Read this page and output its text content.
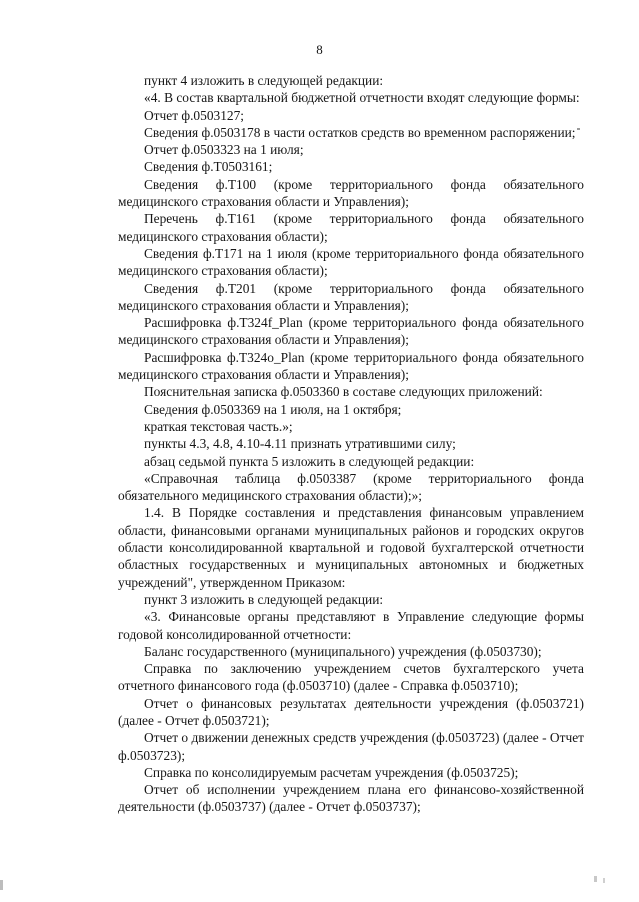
8

пункт 4 изложить в следующей редакции:

«4. В состав квартальной бюджетной отчетности входят следующие формы:

Отчет ф.0503127;

Сведения ф.0503178 в части остатков средств во временном распоряжении;

Отчет ф.0503323 на 1 июля;

Сведения ф.Т0503161;

Сведения ф.Т100 (кроме территориального фонда обязательного медицинского страхования области и Управления);

Перечень ф.Т161 (кроме территориального фонда обязательного медицинского страхования области);

Сведения ф.Т171 на 1 июля (кроме территориального фонда обязательного медицинского страхования области);

Сведения ф.Т201 (кроме территориального фонда обязательного медицинского страхования области и Управления);

Расшифровка ф.Т324f_Plan (кроме территориального фонда обязательного медицинского страхования области и Управления);

Расшифровка ф.Т324o_Plan (кроме территориального фонда обязательного медицинского страхования области и Управления);

Пояснительная записка ф.0503360 в составе следующих приложений:

Сведения ф.0503369 на 1 июля, на 1 октября;

краткая текстовая часть.»;

пункты 4.3, 4.8, 4.10-4.11 признать утратившими силу;

абзац седьмой пункта 5 изложить в следующей редакции:

«Справочная таблица ф.0503387 (кроме территориального фонда обязательного медицинского страхования области);»;

1.4. В Порядке составления и представления финансовым управлением области, финансовыми органами муниципальных районов и городских округов области консолидированной квартальной и годовой бухгалтерской отчетности областных государственных и муниципальных автономных и бюджетных учреждений", утвержденном Приказом:

пункт 3 изложить в следующей редакции:

«3. Финансовые органы представляют в Управление следующие формы годовой консолидированной отчетности:

Баланс государственного (муниципального) учреждения (ф.0503730);

Справка по заключению учреждением счетов бухгалтерского учета отчетного финансового года (ф.0503710) (далее - Справка ф.0503710);

Отчет о финансовых результатах деятельности учреждения (ф.0503721) (далее - Отчет ф.0503721);

Отчет о движении денежных средств учреждения (ф.0503723) (далее - Отчет ф.0503723);

Справка по консолидируемым расчетам учреждения (ф.0503725);

Отчет об исполнении учреждением плана его финансово-хозяйственной деятельности (ф.0503737) (далее - Отчет ф.0503737);
